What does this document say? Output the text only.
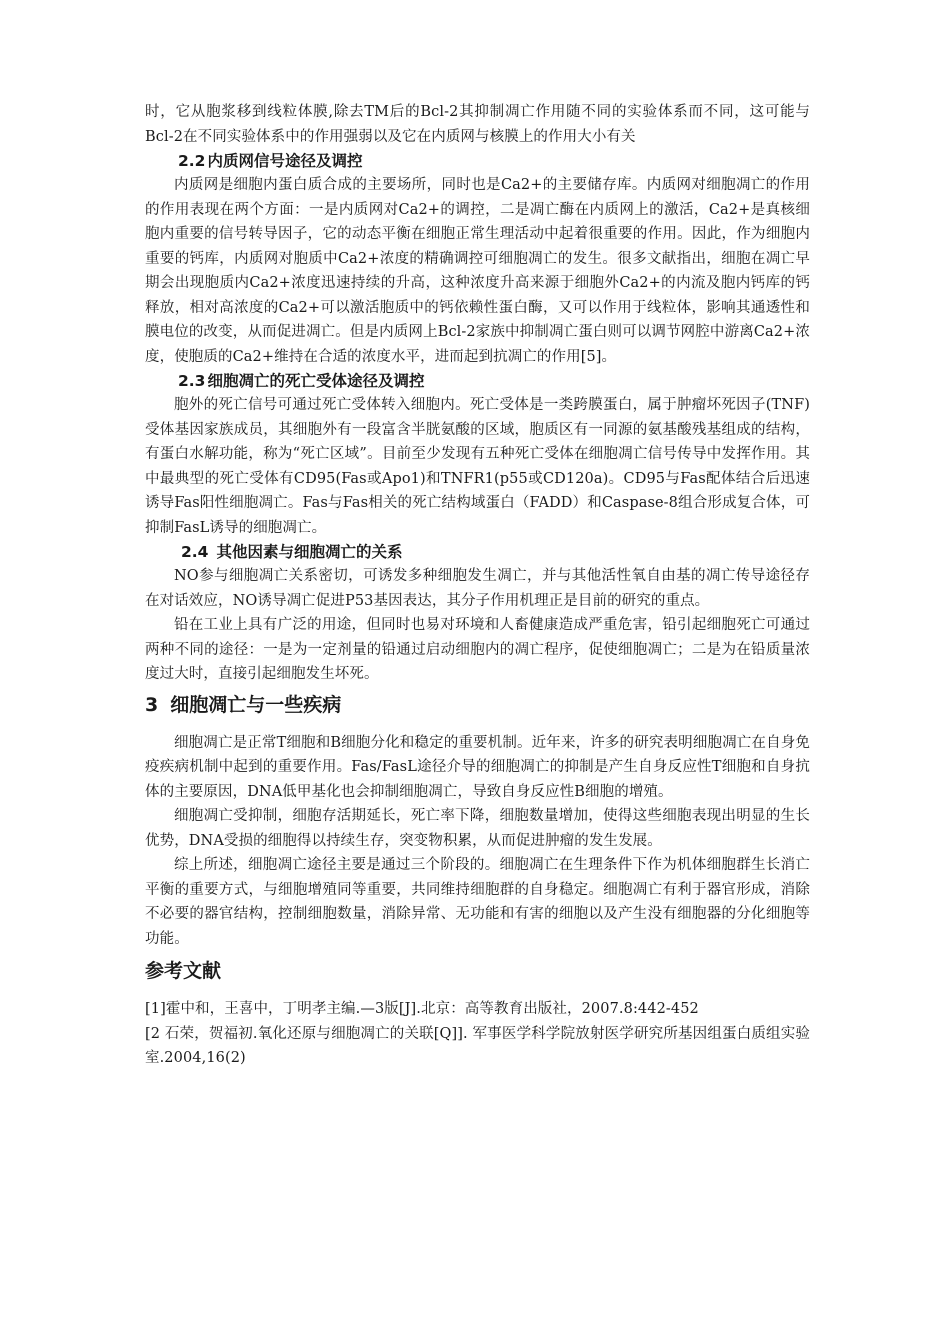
时，它从胞浆移到线粒体膜,除去TM后的Bcl-2其抑制凋亡作用随不同的实验体系而不同，这可能与Bcl-2在不同实验体系中的作用强弱以及它在内质网与核膜上的作用大小有关

2.2 内质网信号途径及调控

内质网是细胞内蛋白质合成的主要场所，同时也是Ca2+的主要储存库。内质网对细胞凋亡的作用的作用表现在两个方面：一是内质网对Ca2+的调控，二是凋亡酶在内质网上的激活，Ca2+是真核细胞内重要的信号转导因子，它的动态平衡在细胞正常生理活动中起着很重要的作用。因此，作为细胞内重要的钙库，内质网对胞质中Ca2+浓度的精确调控可细胞凋亡的发生。很多文献指出，细胞在凋亡早期会出现胞质内Ca2+浓度迅速持续的升高，这种浓度升高来源于细胞外Ca2+的内流及胞内钙库的钙释放，相对高浓度的Ca2+可以激活胞质中的钙依赖性蛋白酶，又可以作用于线粒体，影响其通透性和膜电位的改变，从而促进凋亡。但是内质网上Bcl-2家族中抑制凋亡蛋白则可以调节网腔中游离Ca2+浓度，使胞质的Ca2+维持在合适的浓度水平，进而起到抗凋亡的作用[5]。

2.3 细胞凋亡的死亡受体途径及调控

胞外的死亡信号可通过死亡受体转入细胞内。死亡受体是一类跨膜蛋白，属于肿瘤坏死因子(TNF)受体基因家族成员，其细胞外有一段富含半胱氨酸的区域，胞质区有一同源的氨基酸残基组成的结构，有蛋白水解功能，称为“死亡区域”。目前至少发现有五种死亡受体在细胞凋亡信号传导中发挥作用。其中最典型的死亡受体有CD95(Fas或Apo1)和TNFR1(p55或CD120a)。CD95与Fas配体结合后迅速诱导Fas阳性细胞凋亡。Fas与Fas相关的死亡结构域蛋白（FADD）和Caspase-8组合形成复合体，可抑制FasL诱导的细胞凋亡。

2.4 其他因素与细胞凋亡的关系

NO参与细胞凋亡关系密切，可诱发多种细胞发生凋亡，并与其他活性氧自由基的凋亡传导途径存在对话效应，NO诱导凋亡促进P53基因表达，其分子作用机理正是目前的研究的重点。

铅在工业上具有广泛的用途，但同时也易对环境和人畜健康造成严重危害，铅引起细胞死亡可通过两种不同的途径：一是为一定剂量的铅通过启动细胞内的凋亡程序，促使细胞凋亡；二是为在铅质量浓度过大时，直接引起细胞发生坏死。

3 细胞凋亡与一些疾病

细胞凋亡是正常T细胞和B细胞分化和稳定的重要机制。近年来，许多的研究表明细胞凋亡在自身免疫疾病机制中起到的重要作用。Fas/FasL途径介导的细胞凋亡的抑制是产生自身反应性T细胞和自身抗体的主要原因，DNA低甲基化也会抑制细胞凋亡，导致自身反应性B细胞的增殖。

细胞凋亡受抑制，细胞存活期延长，死亡率下降，细胞数量增加，使得这些细胞表现出明显的生长优势，DNA受损的细胞得以持续生存，突变物积累，从而促进肿瘤的发生发展。

综上所述，细胞凋亡途径主要是通过三个阶段的。细胞凋亡在生理条件下作为机体细胞群生长消亡平衡的重要方式，与细胞增殖同等重要，共同维持细胞群的自身稳定。细胞凋亡有利于器官形成，消除不必要的器官结构，控制细胞数量，消除异常、无功能和有害的细胞以及产生没有细胞器的分化细胞等功能。

参考文献

[1]霍中和，王喜中，丁明孝主编.—3版[J].北京：高等教育出版社，2007.8:442-452

[2 石荣，贺福初.氧化还原与细胞凋亡的关联[Q]]. 军事医学科学院放射医学研究所基因组蛋白质组实验室.2004,16(2)
